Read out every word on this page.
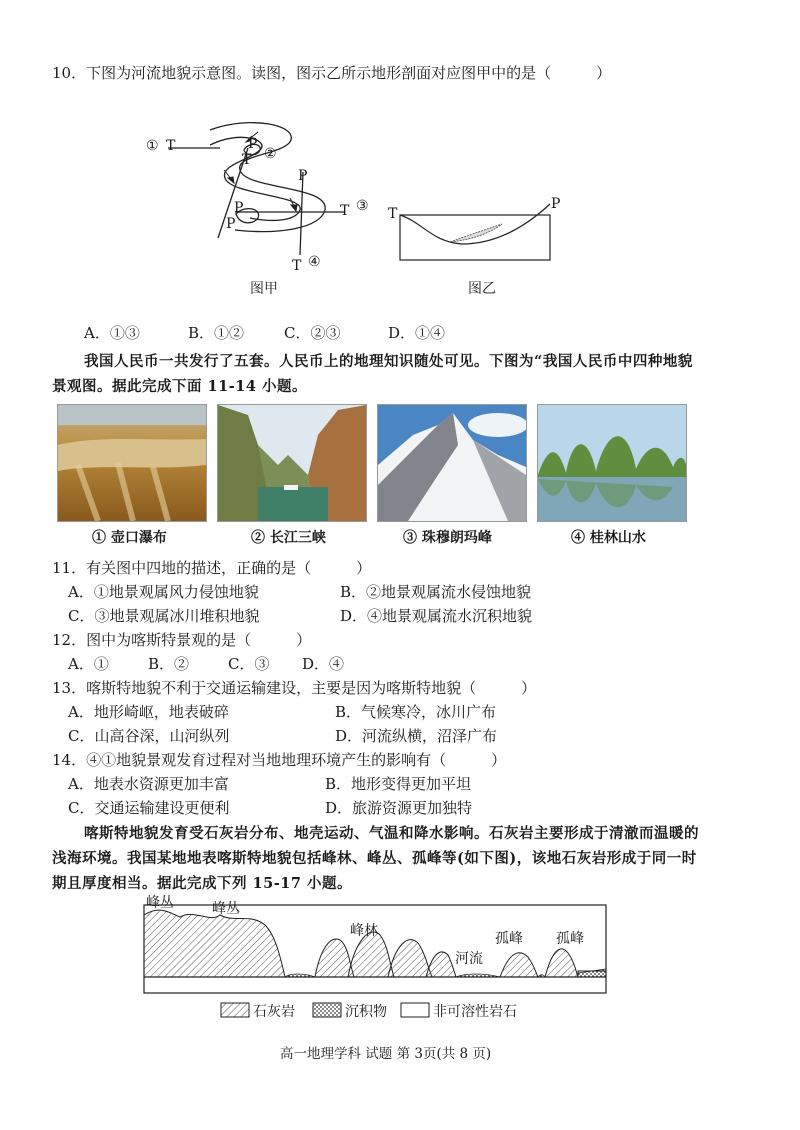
10．下图为河流地貌示意图。读图，图示乙所示地形剖面对应图甲中的是（　　　）
① T	P
T ②
P
P
P
T ③
T ④
图甲
T
P
图乙
A．①③	B．①②	C．②③	D．①④
我国人民币一共发行了五套。人民币上的地理知识随处可见。下图为“我国人民币中四种地貌
景观图。据此完成下面 11-14 小题。
① 壶口瀑布	② 长江三峡	③ 珠穆朗玛峰	④ 桂林山水
11．有关图中四地的描述，正确的是（　　　）
A．①地景观属风力侵蚀地貌	B．②地景观属流水侵蚀地貌
C．③地景观属冰川堆积地貌	D．④地景观属流水沉积地貌
12．图中为喀斯特景观的是（　　　）
A．①	B．②	C．③ D．④
13．喀斯特地貌不利于交通运输建设，主要是因为喀斯特地貌（　　　）
A．地形崎岖，地表破碎	B．气候寒冷，冰川广布
C．山高谷深，山河纵列	D．河流纵横，沼泽广布
14．④①地貌景观发育过程对当地地理环境产生的影响有（　　　）
A．地表水资源更加丰富	B．地形变得更加平坦
C．交通运输建设更便利	D．旅游资源更加独特
喀斯特地貌发育受石灰岩分布、地壳运动、气温和降水影响。石灰岩主要形成于清澈而温暖的
浅海环境。我国某地地表喀斯特地貌包括峰林、峰丛、孤峰等(如下图)，该地石灰岩形成于同一时
期且厚度相当。据此完成下列 15-17 小题。
峰丛	峰丛
峰林
河流
孤峰 孤峰
石灰岩	沉积物	非可溶性岩石
高一地理学科 试题 第 3页(共 8 页)
